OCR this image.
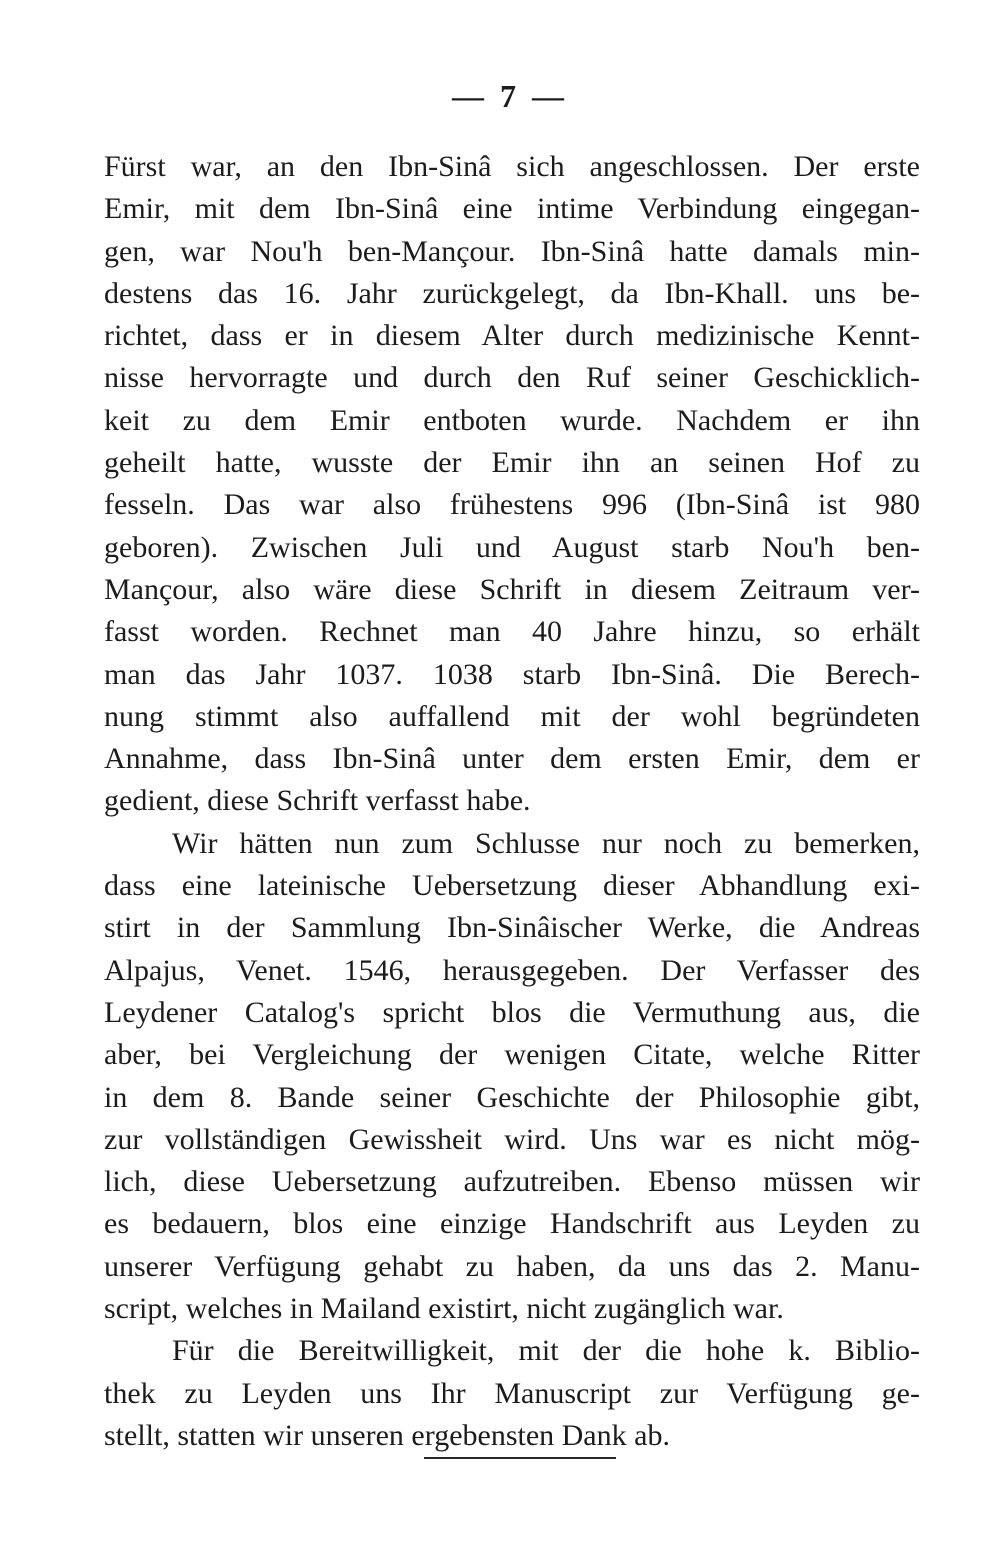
— 7 —
Fürst war, an den Ibn-Sinâ sich angeschlossen. Der erste
Emir, mit dem Ibn-Sinâ eine intime Verbindung eingegan-
gen, war Nou'h ben-Mançour. Ibn-Sinâ hatte damals min-
destens das 16. Jahr zurückgelegt, da Ibn-Khall. uns be-
richtet, dass er in diesem Alter durch medizinische Kennt-
nisse hervorragte und durch den Ruf seiner Geschicklich-
keit zu dem Emir entboten wurde. Nachdem er ihn
geheilt hatte, wusste der Emir ihn an seinen Hof zu
fesseln. Das war also frühestens 996 (Ibn-Sinâ ist 980
geboren). Zwischen Juli und August starb Nou'h ben-
Mançour, also wäre diese Schrift in diesem Zeitraum ver-
fasst worden. Rechnet man 40 Jahre hinzu, so erhält
man das Jahr 1037. 1038 starb Ibn-Sinâ. Die Berech-
nung stimmt also auffallend mit der wohl begründeten
Annahme, dass Ibn-Sinâ unter dem ersten Emir, dem er
gedient, diese Schrift verfasst habe.
Wir hätten nun zum Schlusse nur noch zu bemerken,
dass eine lateinische Uebersetzung dieser Abhandlung exi-
stirt in der Sammlung Ibn-Sinâischer Werke, die Andreas
Alpajus, Venet. 1546, herausgegeben. Der Verfasser des
Leydener Catalog's spricht blos die Vermuthung aus, die
aber, bei Vergleichung der wenigen Citate, welche Ritter
in dem 8. Bande seiner Geschichte der Philosophie gibt,
zur vollständigen Gewissheit wird. Uns war es nicht mög-
lich, diese Uebersetzung aufzutreiben. Ebenso müssen wir
es bedauern, blos eine einzige Handschrift aus Leyden zu
unserer Verfügung gehabt zu haben, da uns das 2. Manu-
script, welches in Mailand existirt, nicht zugänglich war.
Für die Bereitwilligkeit, mit der die hohe k. Biblio-
thek zu Leyden uns Ihr Manuscript zur Verfügung ge-
stellt, statten wir unseren ergebensten Dank ab.
